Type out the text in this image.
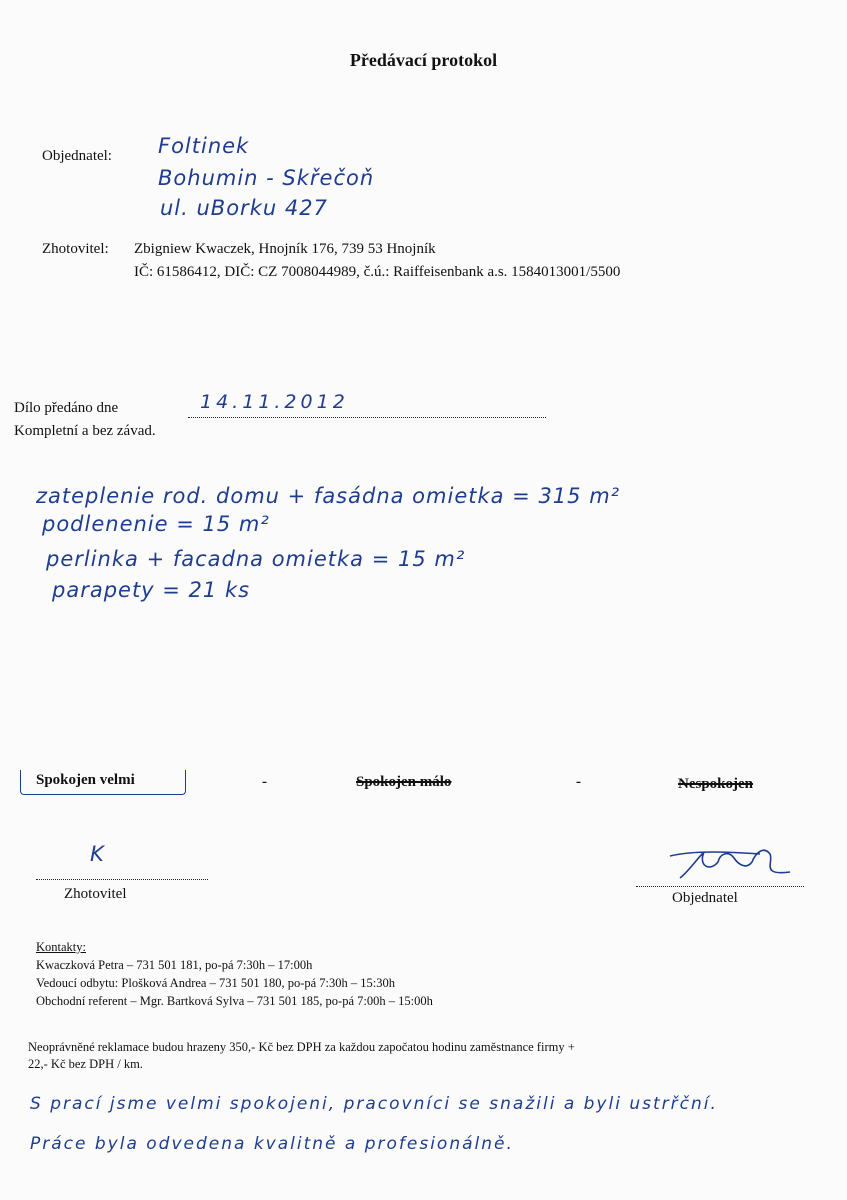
Předávací protokol
Objednatel: Foltinek
Bohumin - Skřečoň
ul. uBorku 427
Zhotovitel: Zbigniew Kwaczek, Hnojník 176, 739 53 Hnojník
IČ: 61586412, DIČ: CZ 7008044989, č.ú.: Raiffeisenbank a.s. 1584013001/5500
Dílo předáno dne	14.11.2012
Kompletní a bez závad.
zateplenie rod. domu + fasádna omietka = 315 m²
podlenenie = 15 m²
perlinka + facadna omietka = 15 m²
parapety = 21 ks
Spokojen velmi	-	Spokojen málo	-	Nespokojen
K
Zhotovitel	Objednatel
Kontakty:
Kwaczková Petra – 731 501 181, po-pá 7:30h – 17:00h
Vedoucí odbytu: Plošková Andrea – 731 501 180, po-pá 7:30h – 15:30h
Obchodní referent – Mgr. Bartková Sylva – 731 501 185, po-pá 7:00h – 15:00h
Neoprávněné reklamace budou hrazeny 350,- Kč bez DPH za každou započatou hodinu zaměstnance firmy +
22,- Kč bez DPH / km.
S prací jsme velmi spokojeni, pracovníci se snažili a byli ustrřční.
Práce byla odvedena kvalitně a profesionálně.
